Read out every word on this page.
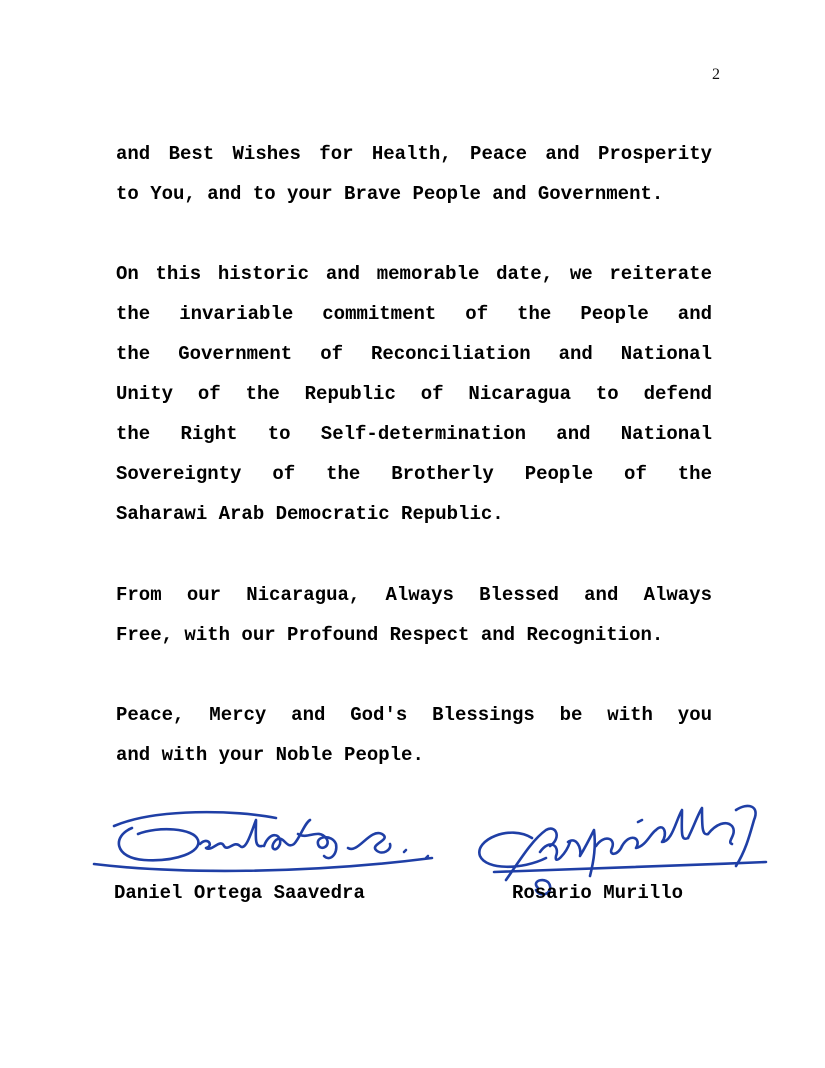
2
and Best Wishes for Health, Peace and Prosperity
to You, and to your Brave People and Government.
On this historic and memorable date, we reiterate
the invariable commitment of the People and
the Government of Reconciliation and National
Unity of the Republic of Nicaragua to defend
the Right to Self-determination and National
Sovereignty of the Brotherly People of the
Saharawi Arab Democratic Republic.
From our Nicaragua, Always Blessed and Always
Free, with our Profound Respect and Recognition.
Peace, Mercy and God's Blessings be with you
and with your Noble People.
Daniel Ortega Saavedra	Rosario Murillo
